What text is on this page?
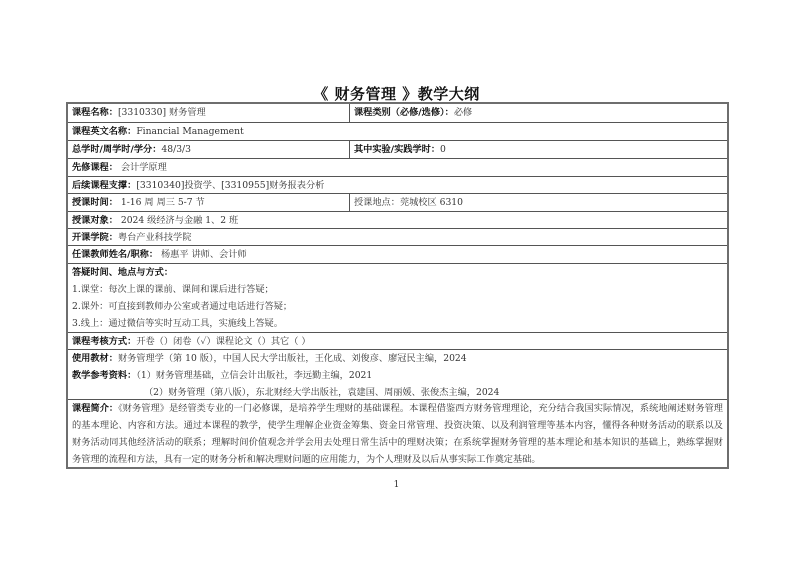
《 财务管理 》教学大纲
课程名称：[3310330] 财务管理	课程类别（必修/选修）：必修
课程英文名称：Financial Management
总学时/周学时/学分：48/3/3	其中实验/实践学时：0
先修课程： 会计学原理
后续课程支撑：[3310340]投资学、[3310955]财务报表分析
授课时间： 1-16 周 周三 5-7 节	授课地点：莞城校区 6310
授课对象： 2024 级经济与金融 1、2 班
开课学院：粤台产业科技学院
任课教师姓名/职称： 杨惠平 讲师、会计师
答疑时间、地点与方式：
1.课堂：每次上课的课前、课间和课后进行答疑；
2.课外：可直接到教师办公室或者通过电话进行答疑；
3.线上：通过微信等实时互动工具，实施线上答疑。
课程考核方式：开卷（）闭卷（✓）课程论文（）其它（ ）
使用教材：财务管理学（第 10 版），中国人民大学出版社，王化成、刘俊彦、廖冠民主编，2024
教学参考资料：（1）财务管理基础，立信会计出版社，李远勤主编，2021
（2）财务管理（第八版），东北财经大学出版社，袁建国、周丽媛、张俊杰主编，2024
课程简介：《财务管理》是经管类专业的一门必修课，是培养学生理财的基础课程。本课程借鉴西方财务管理理论，充分结合我国实际情况，系统地阐述财务管理的基本理论、内容和方法。通过本课程的教学，使学生理解企业资金筹集、资金日常管理、投资决策、以及利润管理等基本内容，懂得各种财务活动的联系以及财务活动同其他经济活动的联系；理解时间价值观念并学会用去处理日常生活中的理财决策；在系统掌握财务管理的基本理论和基本知识的基础上，熟练掌握财务管理的流程和方法，具有一定的财务分析和解决理财问题的应用能力，为个人理财及以后从事实际工作奠定基础。
1
